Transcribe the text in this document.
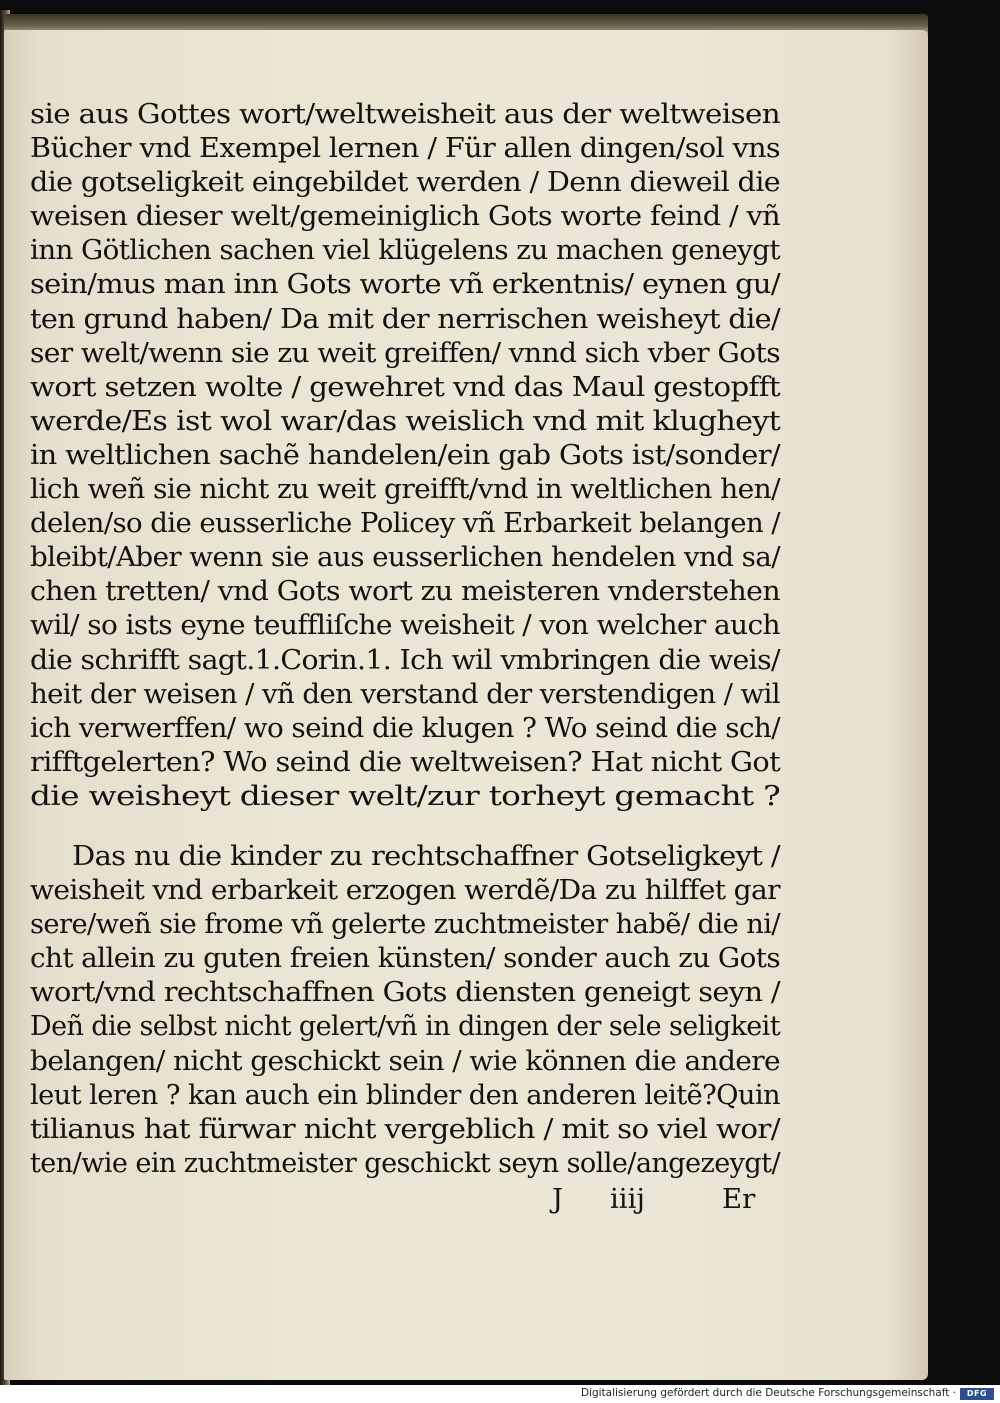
sie aus Gottes wort/weltweisheit aus der weltweisen
Bücher vnd Exempel lernen / Für allen dingen/sol vns
die gotseligkeit eingebildet werden / Denn dieweil die
weisen dieser welt/gemeiniglich Gots worte feind / vñ
inn Götlichen sachen viel klügelens zu machen geneygt
sein/mus man inn Gots worte vñ erkentnis/ eynen gu/
ten grund haben/ Da mit der nerrischen weisheyt die/
ser welt/wenn sie zu weit greiffen/ vnnd sich vber Gots
wort setzen wolte / gewehret vnd das Maul gestopfft
werde/Es ist wol war/das weislich vnd mit klugheyt
in weltlichen sachẽ handelen/ein gab Gots ist/sonder/
lich weñ sie nicht zu weit greifft/vnd in weltlichen hen/
delen/so die eusserliche Policey vñ Erbarkeit belangen /
bleibt/Aber wenn sie aus eusserlichen hendelen vnd sa/
chen tretten/ vnd Gots wort zu meisteren vnderstehen
wil/ so ists eyne teuffliſche weisheit / von welcher auch
die schrifft sagt.1.Corin.1. Ich wil vmbringen die weis/
heit der weisen / vñ den verstand der verstendigen / wil
ich verwerffen/ wo seind die klugen ? Wo seind die sch/
rifftgelerten? Wo seind die weltweisen? Hat nicht Got
die weisheyt dieser welt/zur torheyt gemacht ?
Das nu die kinder zu rechtschaffner Gotseligkeyt /
weisheit vnd erbarkeit erzogen werdẽ/Da zu hilffet gar
sere/weñ sie frome vñ gelerte zuchtmeister habẽ/ die ni/
cht allein zu guten freien künsten/ sonder auch zu Gots
wort/vnd rechtschaffnen Gots diensten geneigt seyn /
Deñ die selbst nicht gelert/vñ in dingen der sele seligkeit
belangen/ nicht geschickt sein / wie können die andere
leut leren ? kan auch ein blinder den anderen leitẽ?Quin
tilianus hat fürwar nicht vergeblich / mit so viel wor/
ten/wie ein zuchtmeister geschickt seyn solle/angezeygt/
J iiij	Er
Digitalisierung gefördert durch die Deutsche Forschungsgemeinschaft ·	DFG
